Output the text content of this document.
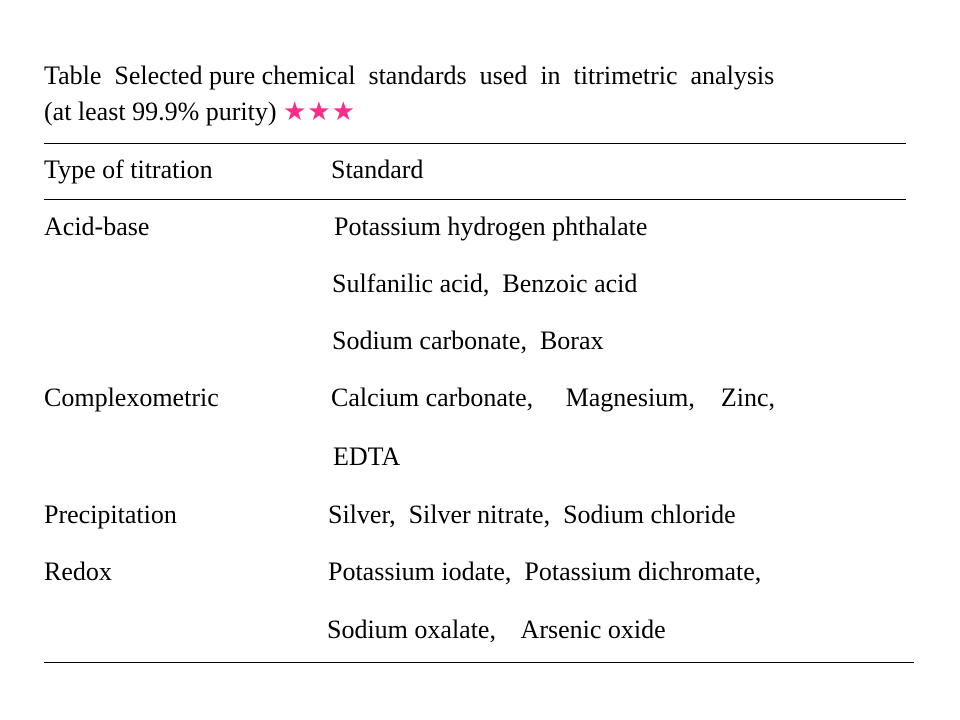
Table  Selected pure chemical  standards  used  in  titrimetric  analysis
(at least 99.9% purity) ★★★
Type of titration	Standard
Acid-base	Potassium hydrogen phthalate
Sulfanilic acid,  Benzoic acid
Sodium carbonate,  Borax
Complexometric	Calcium carbonate,     Magnesium,    Zinc,
EDTA
Precipitation	Silver,  Silver nitrate,  Sodium chloride
Redox	Potassium iodate,  Potassium dichromate,
Sodium oxalate,    Arsenic oxide
